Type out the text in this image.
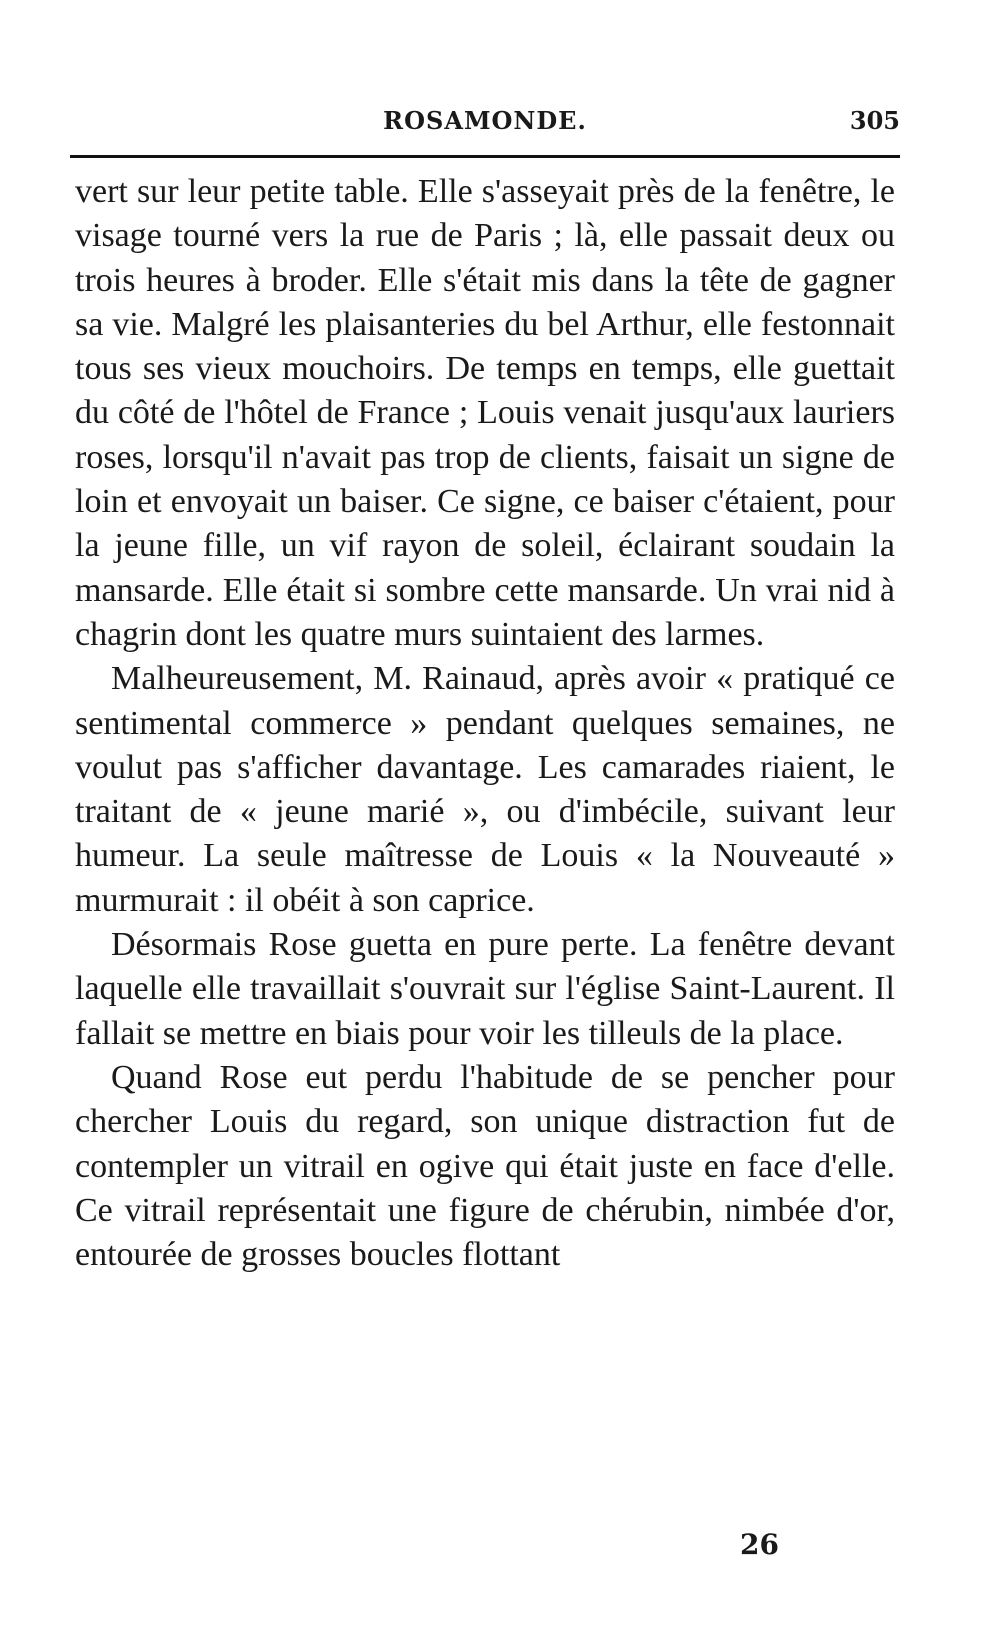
ROSAMONDE.	305

vert sur leur petite table. Elle s'asseyait près de la fenêtre, le visage tourné vers la rue de Paris ; là, elle passait deux ou trois heures à broder. Elle s'était mis dans la tête de gagner sa vie. Malgré les plaisanteries du bel Arthur, elle festonnait tous ses vieux mouchoirs. De temps en temps, elle guettait du côté de l'hôtel de France ; Louis venait jusqu'aux lauriers roses, lorsqu'il n'avait pas trop de clients, faisait un signe de loin et envoyait un baiser. Ce signe, ce baiser c'étaient, pour la jeune fille, un vif rayon de soleil, éclairant soudain la mansarde. Elle était si sombre cette mansarde. Un vrai nid à chagrin dont les quatre murs suintaient des larmes.

Malheureusement, M. Rainaud, après avoir « pratiqué ce sentimental commerce » pendant quelques semaines, ne voulut pas s'afficher davantage. Les camarades riaient, le traitant de « jeune marié », ou d'imbécile, suivant leur humeur. La seule maîtresse de Louis « la Nouveauté » murmurait : il obéit à son caprice.

Désormais Rose guetta en pure perte. La fenêtre devant laquelle elle travaillait s'ouvrait sur l'église Saint-Laurent. Il fallait se mettre en biais pour voir les tilleuls de la place.

Quand Rose eut perdu l'habitude de se pencher pour chercher Louis du regard, son unique distraction fut de contempler un vitrail en ogive qui était juste en face d'elle. Ce vitrail représentait une figure de chérubin, nimbée d'or, entourée de grosses boucles flottant

26
